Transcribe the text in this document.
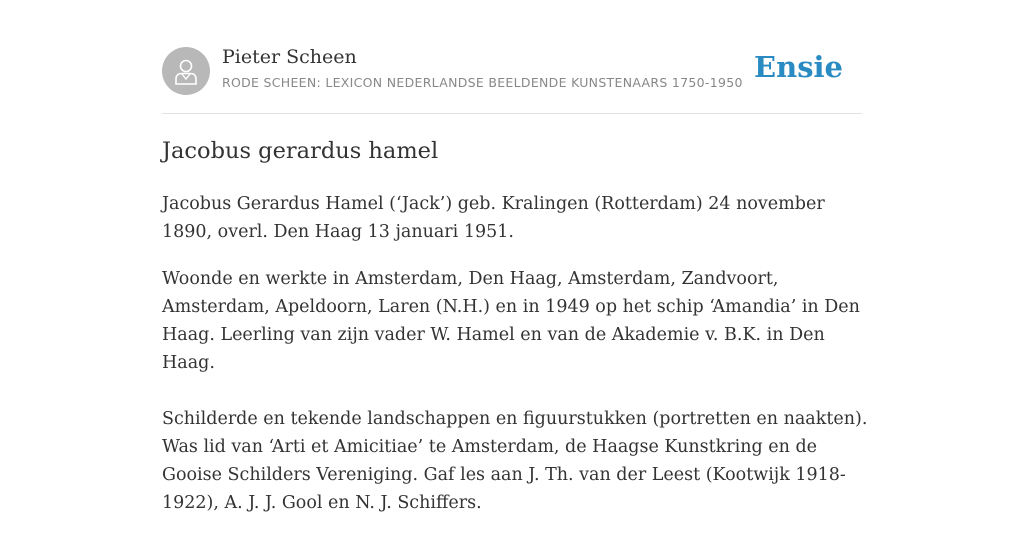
Pieter Scheen
RODE SCHEEN: LEXICON NEDERLANDSE BEELDENDE KUNSTENAARS 1750-1950 Ensie
Jacobus gerardus hamel

Jacobus Gerardus Hamel (‘Jack’) geb. Kralingen (Rotterdam) 24 november 1890, overl. Den Haag 13 januari 1951.

Woonde en werkte in Amsterdam, Den Haag, Amsterdam, Zandvoort, Amsterdam, Apeldoorn, Laren (N.H.) en in 1949 op het schip ‘Amandia’ in Den Haag. Leerling van zijn vader W. Hamel en van de Akademie v. B.K. in Den Haag.

Schilderde en tekende landschappen en figuurstukken (portretten en naakten). Was lid van ‘Arti et Amicitiae’ te Amsterdam, de Haagse Kunstkring en de Gooise Schilders Vereniging. Gaf les aan J. Th. van der Leest (Kootwijk 1918-1922), A. J. J. Gool en N. J. Schiffers.
